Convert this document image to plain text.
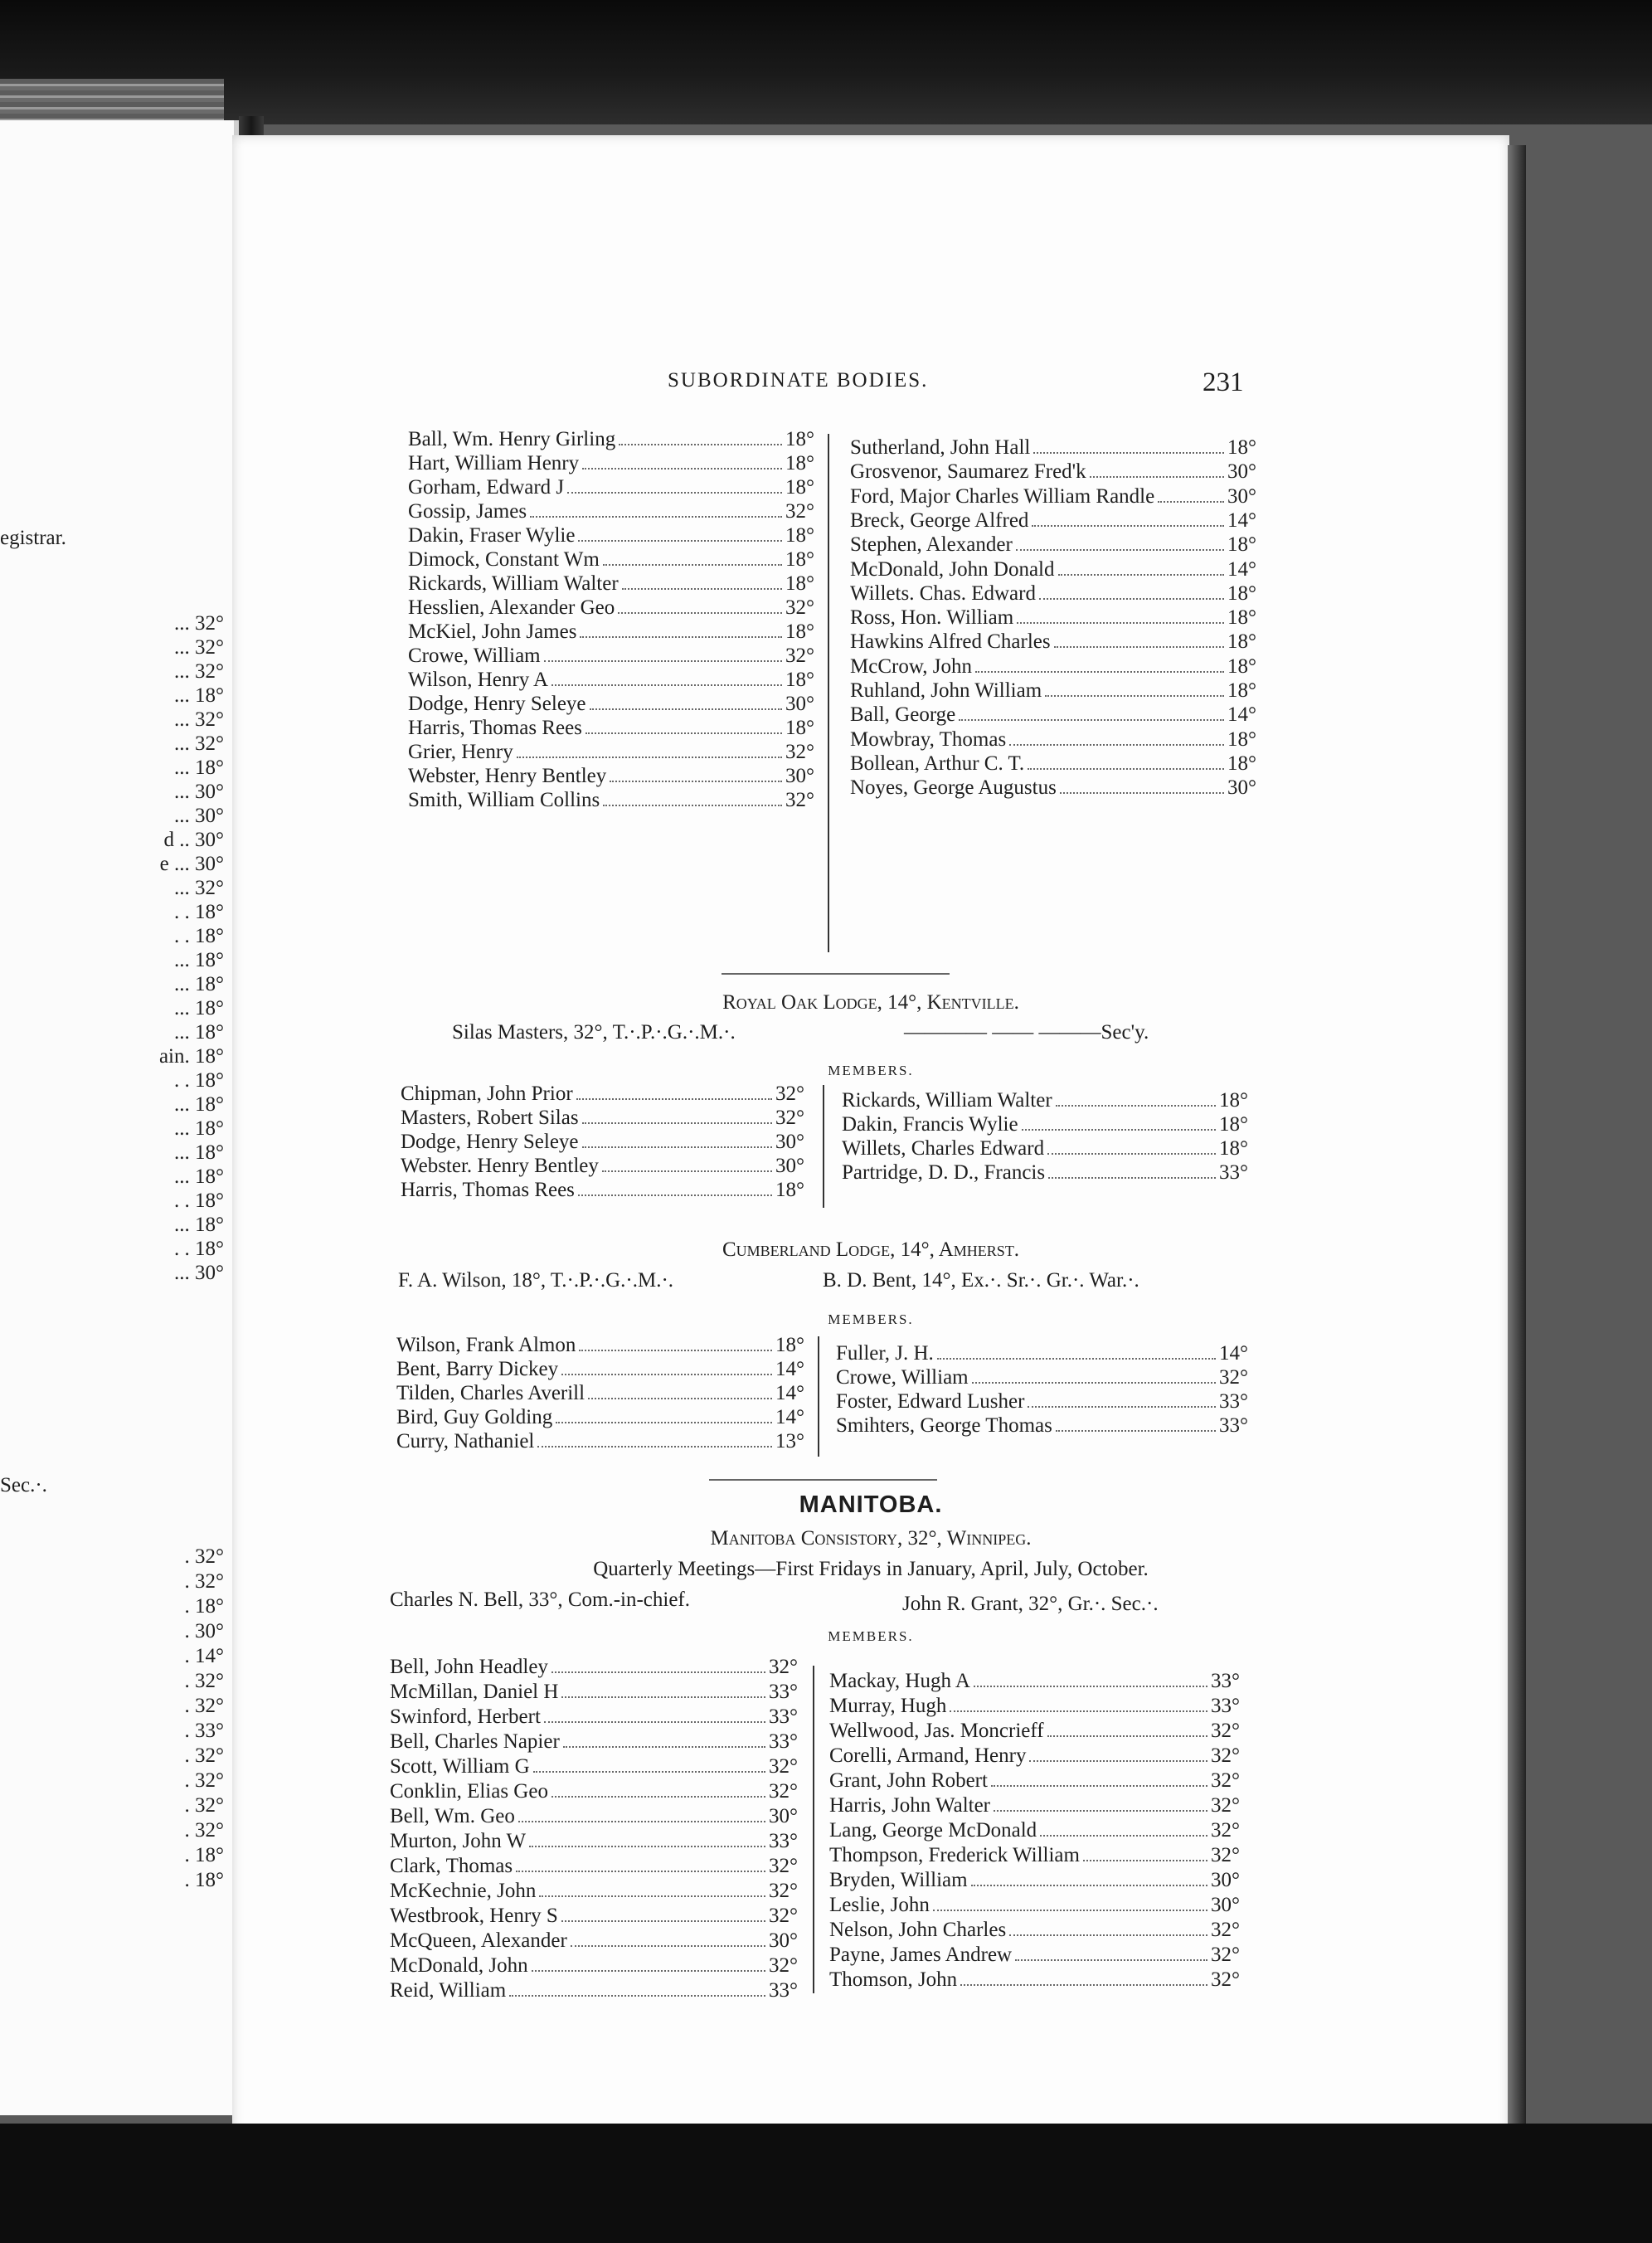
egistrar.
... 32°
... 32°
... 32°
... 18°
... 32°
... 32°
... 18°
... 30°
... 30°
d .. 30°
e ... 30°
... 32°
. . 18°
. . 18°
... 18°
... 18°
... 18°
... 18°
ain. 18°
. . 18°
... 18°
... 18°
... 18°
... 18°
. . 18°
... 18°
. . 18°
... 30°
Sec.·.
. 32°
. 32°
. 18°
. 30°
. 14°
. 32°
. 32°
. 33°
. 32°
. 32°
. 32°
. 32°
. 18°
. 18°
SUBORDINATE BODIES.	231
Ball, Wm. Henry Girling	18°
Hart, William Henry	18°
Gorham, Edward J	18°
Gossip, James	32°
Dakin, Fraser Wylie	18°
Dimock, Constant Wm	18°
Rickards, William Walter	18°
Hesslien, Alexander Geo	32°
McKiel, John James	18°
Crowe, William	32°
Wilson, Henry A	18°
Dodge, Henry Seleye	30°
Harris, Thomas Rees	18°
Grier, Henry	32°
Webster, Henry Bentley	30°
Smith, William Collins	32°
Sutherland, John Hall	18°
Grosvenor, Saumarez Fred'k	30°
Ford, Major Charles William Randle	30°
Breck, George Alfred	14°
Stephen, Alexander	18°
McDonald, John Donald	14°
Willets. Chas. Edward	18°
Ross, Hon. William	18°
Hawkins Alfred Charles	18°
McCrow, John	18°
Ruhland, John William	18°
Ball, George	14°
Mowbray, Thomas	18°
Bollean, Arthur C. T.	18°
Noyes, George Augustus	30°
Royal Oak Lodge, 14°, Kentville.
Silas Masters, 32°, T.·.P.·.G.·.M.·.	———— —— ———Sec'y.
MEMBERS.
Chipman, John Prior	32°
Masters, Robert Silas	32°
Dodge, Henry Seleye	30°
Webster. Henry Bentley	30°
Harris, Thomas Rees	18°
Rickards, William Walter	18°
Dakin, Francis Wylie	18°
Willets, Charles Edward	18°
Partridge, D. D., Francis	33°
Cumberland Lodge, 14°, Amherst.
F. A. Wilson, 18°, T.·.P.·.G.·.M.·.	B. D. Bent, 14°, Ex.·. Sr.·. Gr.·. War.·.
MEMBERS.
Wilson, Frank Almon	18°
Bent, Barry Dickey	14°
Tilden, Charles Averill	14°
Bird, Guy Golding	14°
Curry, Nathaniel	13°
Fuller, J. H.	14°
Crowe, William	32°
Foster, Edward Lusher	33°
Smihters, George Thomas	33°
MANITOBA.
Manitoba Consistory, 32°, Winnipeg.
Quarterly Meetings—First Fridays in January, April, July, October.
Charles N. Bell, 33°, Com.-in-chief.	John R. Grant, 32°, Gr.·. Sec.·.
MEMBERS.
Bell, John Headley	32°
McMillan, Daniel H	33°
Swinford, Herbert	33°
Bell, Charles Napier	33°
Scott, William G	32°
Conklin, Elias Geo	32°
Bell, Wm. Geo	30°
Murton, John W	33°
Clark, Thomas	32°
McKechnie, John	32°
Westbrook, Henry S	32°
McQueen, Alexander	30°
McDonald, John	32°
Reid, William	33°
Mackay, Hugh A	33°
Murray, Hugh	33°
Wellwood, Jas. Moncrieff	32°
Corelli, Armand, Henry	32°
Grant, John Robert	32°
Harris, John Walter	32°
Lang, George McDonald	32°
Thompson, Frederick William	32°
Bryden, William	30°
Leslie, John	30°
Nelson, John Charles	32°
Payne, James Andrew	32°
Thomson, John	32°
